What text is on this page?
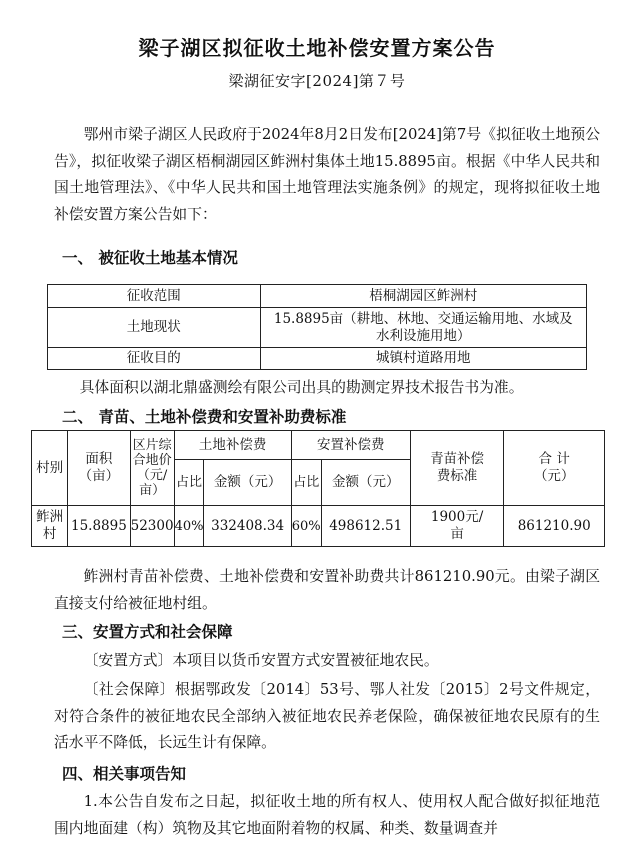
梁子湖区拟征收土地补偿安置方案公告
梁湖征安字[2024]第７号

鄂州市梁子湖区人民政府于2024年8月2日发布[2024]第7号《拟征收土地预公告》，拟征收梁子湖区梧桐湖园区鲊洲村集体土地15.8895亩。根据《中华人民共和国土地管理法》、《中华人民共和国土地管理法实施条例》的规定，现将拟征收土地补偿安置方案公告如下：

一、 被征收土地基本情况
征收范围	梧桐湖园区鲊洲村
土地现状	15.8895亩（耕地、林地、交通运输用地、水域及水利设施用地）
征收目的	城镇村道路用地

具体面积以湖北鼎盛测绘有限公司出具的勘测定界技术报告书为准。

二、 青苗、土地补偿费和安置补助费标准
村别	面积（亩）	区片综合地价（元/亩）	土地补偿费		安置补偿费		青苗补偿费标准	合 计（元）
			占比	金额（元）	占比	金额（元）		
鲊洲村	15.8895	52300	40%	332408.34	60%	498612.51	1900元/亩	861210.90

鲊洲村青苗补偿费、土地补偿费和安置补助费共计861210.90元。由梁子湖区直接支付给被征地村组。

三、安置方式和社会保障

〔安置方式〕本项目以货币安置方式安置被征地农民。

〔社会保障〕根据鄂政发〔2014〕53号、鄂人社发〔2015〕2号文件规定，对符合条件的被征地农民全部纳入被征地农民养老保险，确保被征地农民原有的生活水平不降低，长远生计有保障。

四、相关事项告知

1.本公告自发布之日起，拟征收土地的所有权人、使用权人配合做好拟征地范围内地面建（构）筑物及其它地面附着物的权属、种类、数量调查并
